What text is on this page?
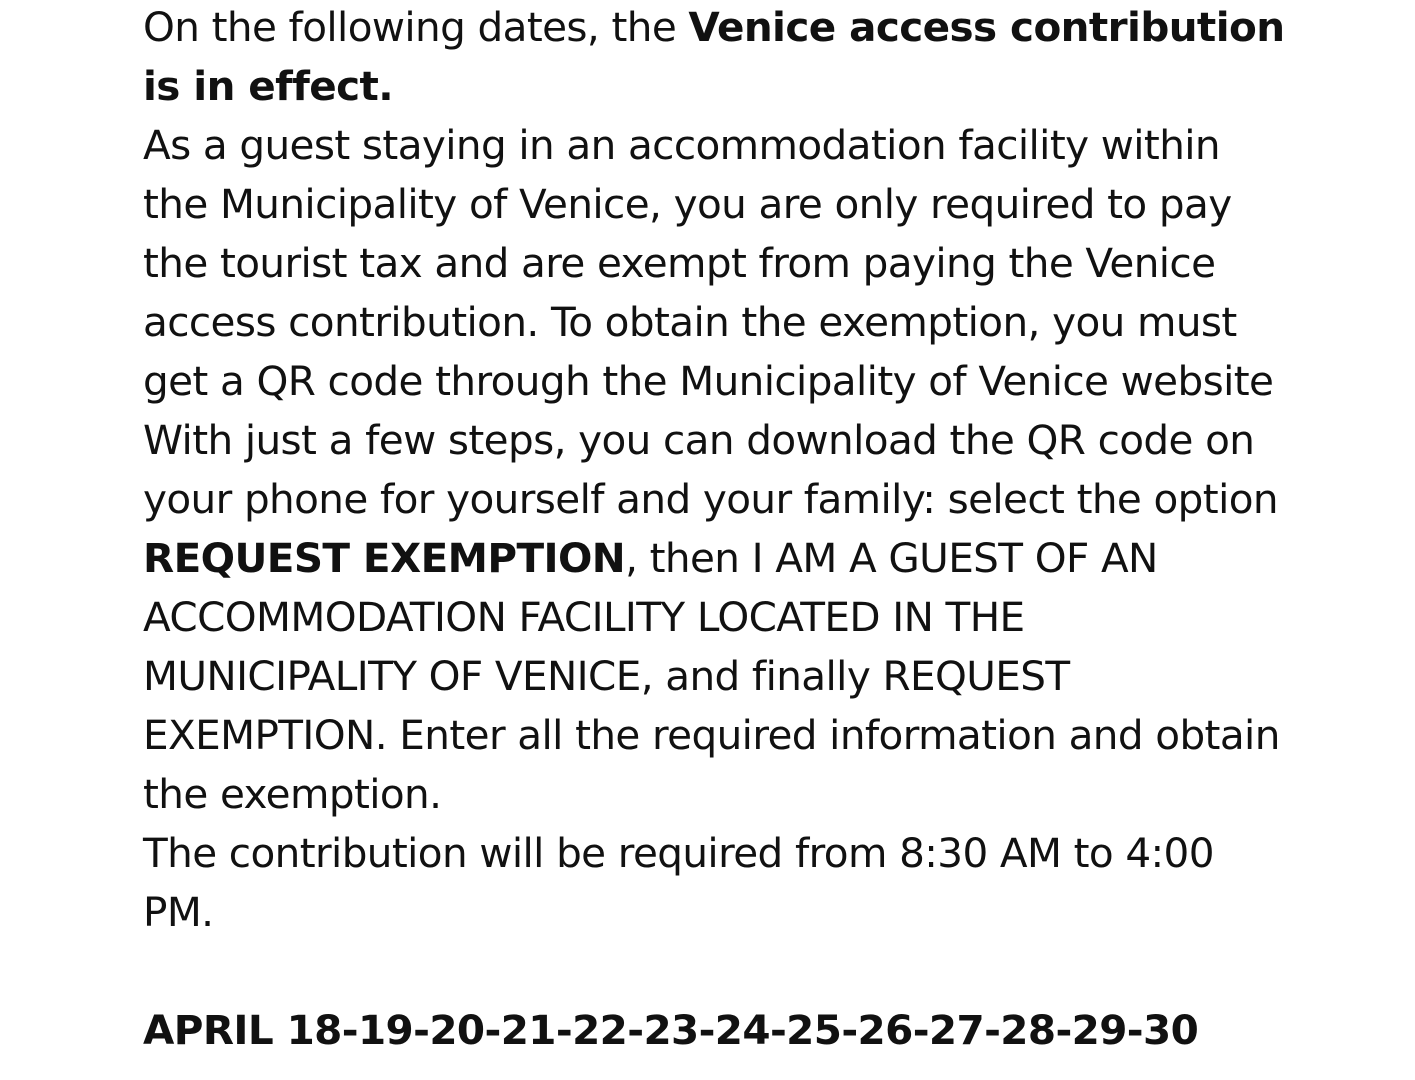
On the following dates, the Venice access contribution is in effect.

As a guest staying in an accommodation facility within the Municipality of Venice, you are only required to pay the tourist tax and are exempt from paying the Venice access contribution. To obtain the exemption, you must get a QR code through the Municipality of Venice website

With just a few steps, you can download the QR code on your phone for yourself and your family: select the option REQUEST EXEMPTION, then I AM A GUEST OF AN ACCOMMODATION FACILITY LOCATED IN THE MUNICIPALITY OF VENICE, and finally REQUEST EXEMPTION. Enter all the required information and obtain the exemption.

The contribution will be required from 8:30 AM to 4:00 PM.

APRIL 18-19-20-21-22-23-24-25-26-27-28-29-30
